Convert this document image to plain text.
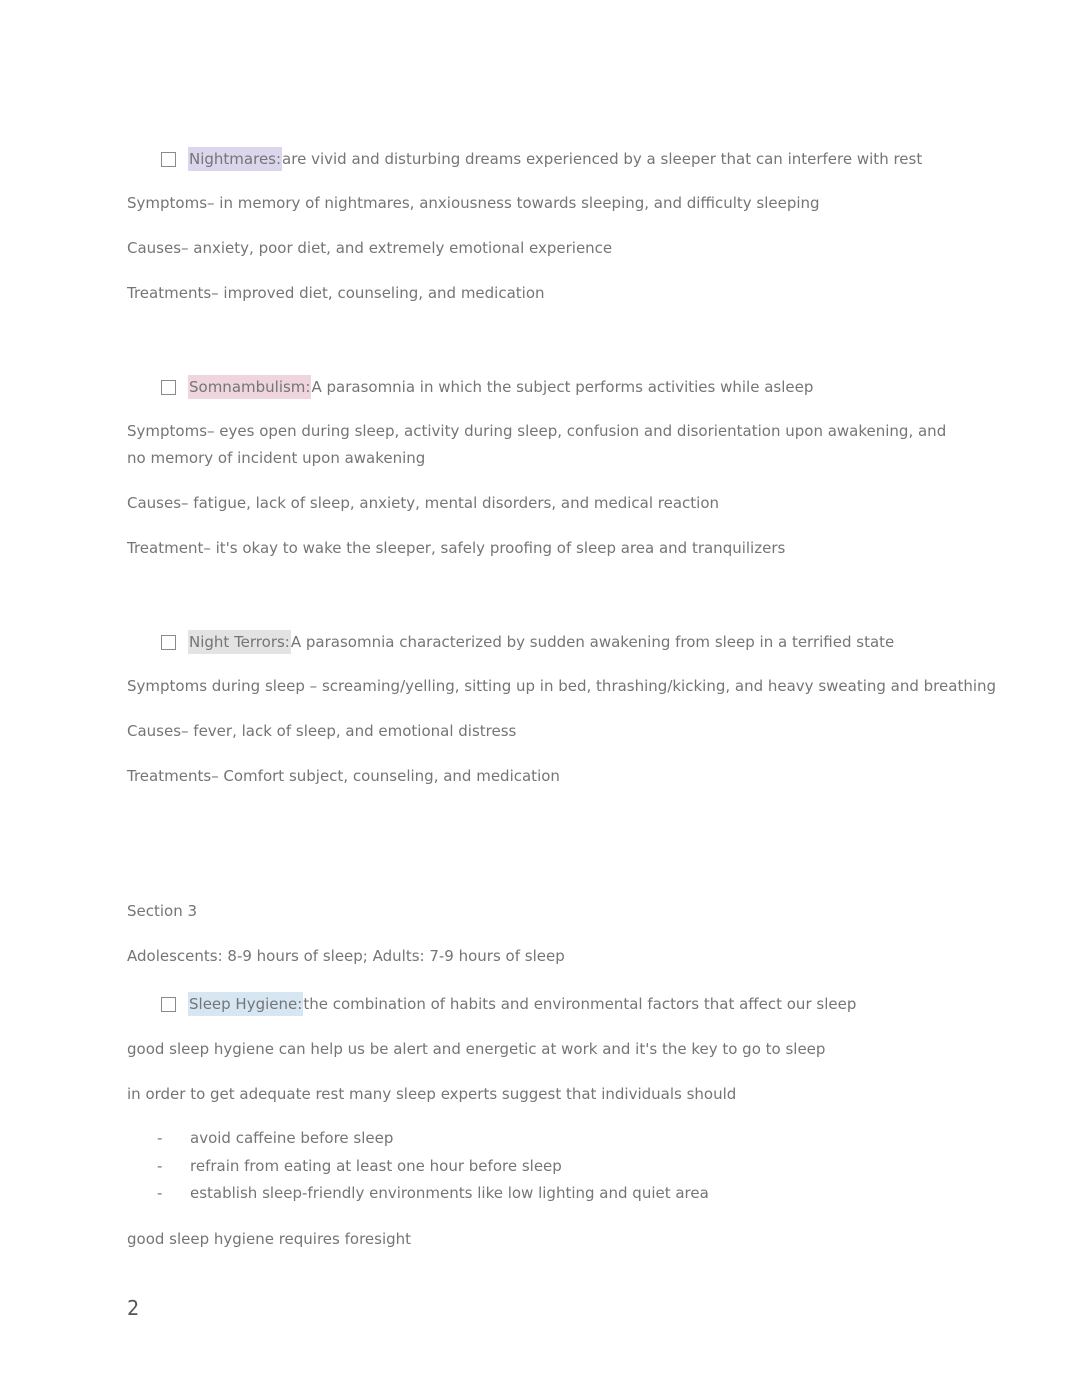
Nightmares: are vivid and disturbing dreams experienced by a sleeper that can interfere with rest
Symptoms– in memory of nightmares, anxiousness towards sleeping, and difficulty sleeping
Causes– anxiety, poor diet, and extremely emotional experience
Treatments– improved diet, counseling, and medication
Somnambulism: A parasomnia in which the subject performs activities while asleep
Symptoms– eyes open during sleep, activity during sleep, confusion and disorientation upon awakening, and no memory of incident upon awakening
Causes– fatigue, lack of sleep, anxiety, mental disorders, and medical reaction
Treatment– it's okay to wake the sleeper, safely proofing of sleep area and tranquilizers
Night Terrors: A parasomnia characterized by sudden awakening from sleep in a terrified state
Symptoms during sleep – screaming/yelling, sitting up in bed, thrashing/kicking, and heavy sweating and breathing
Causes– fever, lack of sleep, and emotional distress
Treatments– Comfort subject, counseling, and medication
Section 3
Adolescents: 8-9 hours of sleep; Adults: 7-9 hours of sleep
Sleep Hygiene: the combination of habits and environmental factors that affect our sleep
good sleep hygiene can help us be alert and energetic at work and it's the key to go to sleep
in order to get adequate rest many sleep experts suggest that individuals should
-	avoid caffeine before sleep
-	refrain from eating at least one hour before sleep
-	establish sleep-friendly environments like low lighting and quiet area
good sleep hygiene requires foresight
2
